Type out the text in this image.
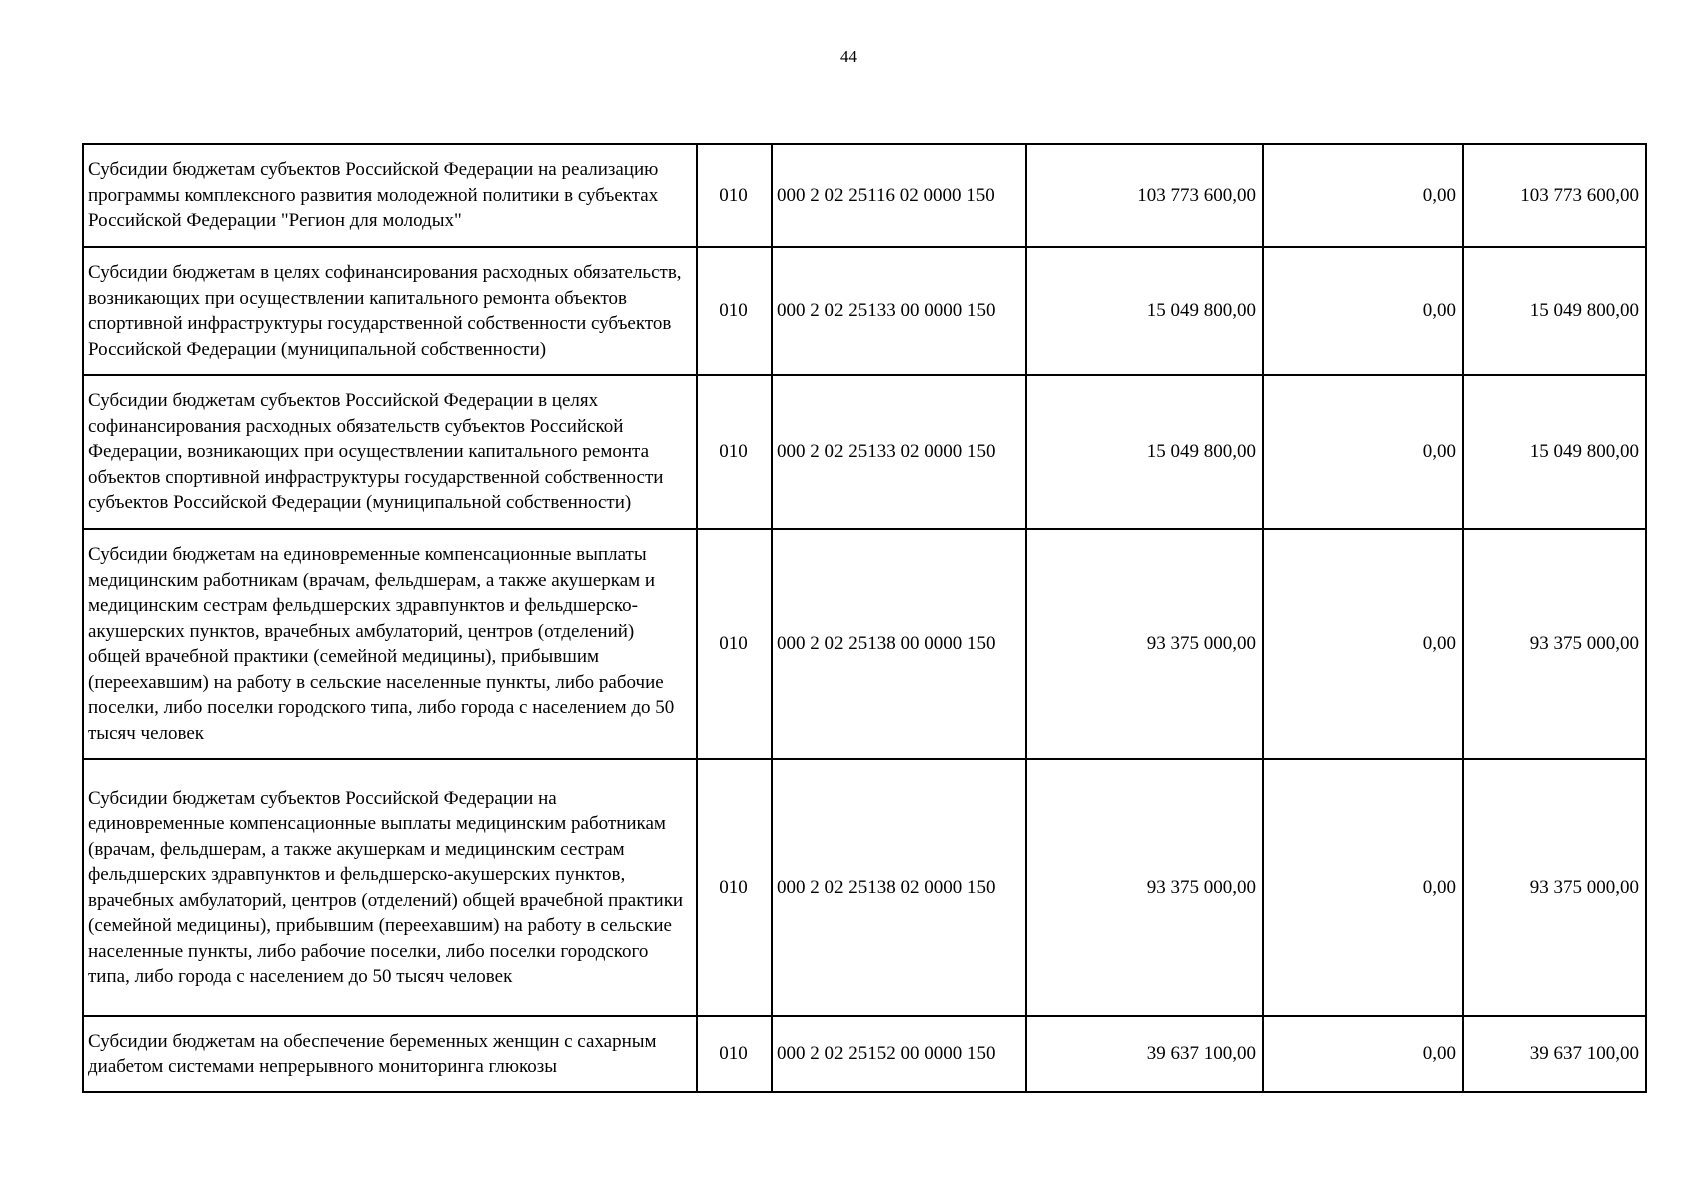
44
Субсидии бюджетам субъектов Российской Федерации на реализацию программы комплексного развития молодежной политики в субъектах Российской Федерации "Регион для молодых"	010	000 2 02 25116 02 0000 150	103 773 600,00	0,00	103 773 600,00
Субсидии бюджетам в целях софинансирования расходных обязательств, возникающих при осуществлении капитального ремонта объектов спортивной инфраструктуры государственной собственности субъектов Российской Федерации (муниципальной собственности)	010	000 2 02 25133 00 0000 150	15 049 800,00	0,00	15 049 800,00
Субсидии бюджетам субъектов Российской Федерации в целях софинансирования расходных обязательств субъектов Российской Федерации, возникающих при осуществлении капитального ремонта объектов спортивной инфраструктуры государственной собственности субъектов Российской Федерации (муниципальной собственности)	010	000 2 02 25133 02 0000 150	15 049 800,00	0,00	15 049 800,00
Субсидии бюджетам на единовременные компенсационные выплаты медицинским работникам (врачам, фельдшерам, а также акушеркам и медицинским сестрам фельдшерских здравпунктов и фельдшерско-акушерских пунктов, врачебных амбулаторий, центров (отделений) общей врачебной практики (семейной медицины), прибывшим (переехавшим) на работу в сельские населенные пункты, либо рабочие поселки, либо поселки городского типа, либо города с населением до 50 тысяч человек	010	000 2 02 25138 00 0000 150	93 375 000,00	0,00	93 375 000,00
Субсидии бюджетам субъектов Российской Федерации на единовременные компенсационные выплаты медицинским работникам (врачам, фельдшерам, а также акушеркам и медицинским сестрам фельдшерских здравпунктов и фельдшерско-акушерских пунктов, врачебных амбулаторий, центров (отделений) общей врачебной практики (семейной медицины), прибывшим (переехавшим) на работу в сельские населенные пункты, либо рабочие поселки, либо поселки городского типа, либо города с населением до 50 тысяч человек	010	000 2 02 25138 02 0000 150	93 375 000,00	0,00	93 375 000,00
Субсидии бюджетам на обеспечение беременных женщин с сахарным диабетом системами непрерывного мониторинга глюкозы	010	000 2 02 25152 00 0000 150	39 637 100,00	0,00	39 637 100,00
